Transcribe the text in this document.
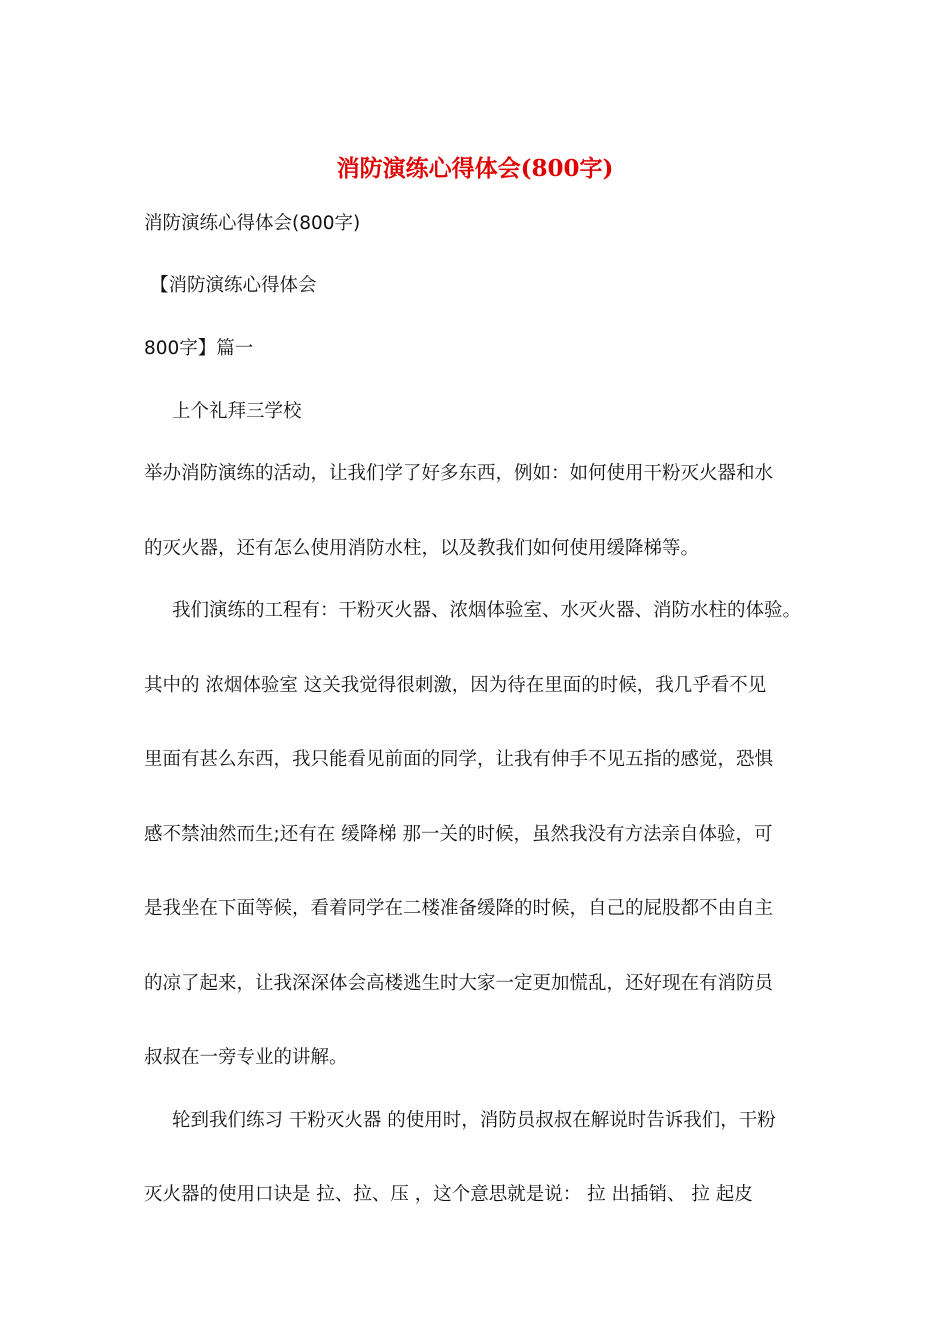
消防演练心得体会(800字)
消防演练心得体会(800字)
【消防演练心得体会
800字】篇一
上个礼拜三学校
举办消防演练的活动，让我们学了好多东西，例如：如何使用干粉灭火器和水
的灭火器，还有怎么使用消防水柱，以及教我们如何使用缓降梯等。
我们演练的工程有：干粉灭火器、浓烟体验室、水灭火器、消防水柱的体验。
其中的 浓烟体验室 这关我觉得很刺激，因为待在里面的时候，我几乎看不见
里面有甚么东西，我只能看见前面的同学，让我有伸手不见五指的感觉，恐惧
感不禁油然而生;还有在 缓降梯 那一关的时候，虽然我没有方法亲自体验，可
是我坐在下面等候，看着同学在二楼准备缓降的时候，自己的屁股都不由自主
的凉了起来，让我深深体会高楼逃生时大家一定更加慌乱，还好现在有消防员
叔叔在一旁专业的讲解。
轮到我们练习 干粉灭火器 的使用时，消防员叔叔在解说时告诉我们，干粉
灭火器的使用口诀是 拉、拉、压 ，这个意思就是说： 拉 出插销、 拉 起皮
